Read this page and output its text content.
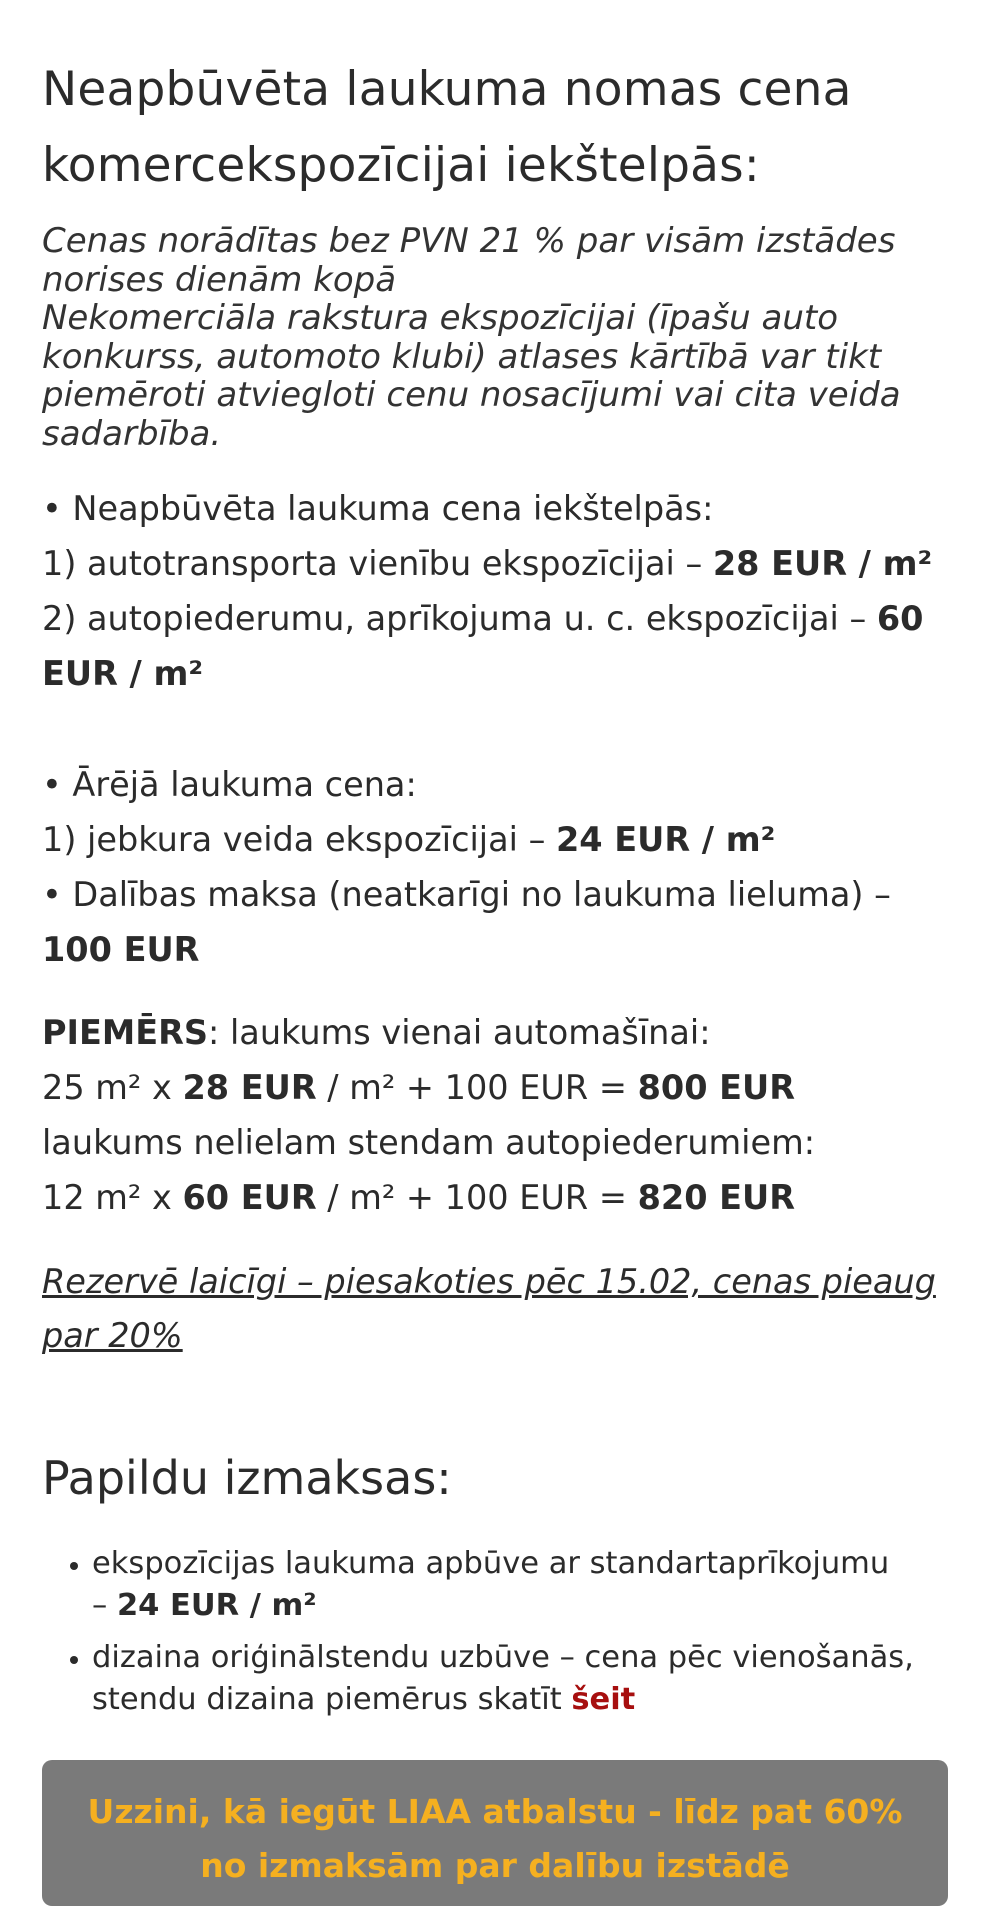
Neapbūvēta laukuma nomas cena
komercekspozīcijai iekštelpās:
Cenas norādītas bez PVN 21 % par visām izstādes
norises dienām kopā
Nekomerciāla rakstura ekspozīcijai (īpašu auto
konkurss, automoto klubi) atlases kārtībā var tikt
piemēroti atviegloti cenu nosacījumi vai cita veida
sadarbība.
• Neapbūvēta laukuma cena iekštelpās:
1) autotransporta vienību ekspozīcijai – 28 EUR / m²
2) autopiederumu, aprīkojuma u. c. ekspozīcijai – 60
EUR / m²
• Ārējā laukuma cena:
1) jebkura veida ekspozīcijai – 24 EUR / m²
• Dalības maksa (neatkarīgi no laukuma lieluma) –
100 EUR
PIEMĒRS: laukums vienai automašīnai:
25 m² x 28 EUR / m² + 100 EUR = 800 EUR
laukums nelielam stendam autopiederumiem:
12 m² x 60 EUR / m² + 100 EUR = 820 EUR
Rezervē laicīgi – piesakoties pēc 15.02, cenas pieaug
par 20%
Papildu izmaksas:
• ekspozīcijas laukuma apbūve ar standartaprīkojumu
– 24 EUR / m²
• dizaina oriģinālstendu uzbūve – cena pēc vienošanās, stendu dizaina piemērus skatīt šeit
Uzzini, kā iegūt LIAA atbalstu - līdz pat 60%
no izmaksām par dalību izstādē
